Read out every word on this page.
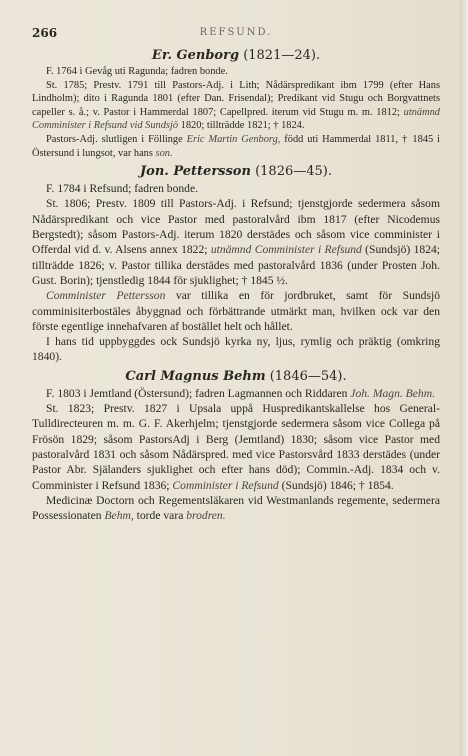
266	REFSUND.
Er. Genborg (1821—24).

F. 1764 i Gevåg uti Ragunda; fadren bonde.

St. 1785; Prestv. 1791 till Pastors-Adj. i Lith; Nådärspredikant ibm 1799 (efter Hans Lindholm); dito i Ragunda 1801 (efter Dan. Frisendal); Predikant vid Stugu och Borgvattnets capeller s. å.; v. Pastor i Hammerdal 1807; Capellpred. iterum vid Stugu m. m. 1812; utnämnd Comminister i Refsund vid Sundsjö 1820; tillträdde 1821; † 1824.

Pastors-Adj. slutligen i Föllinge Eric Martin Genborg, född uti Hammerdal 1811, † 1845 i Östersund i lungsot, var hans son.

Jon. Pettersson (1826—45).

F. 1784 i Refsund; fadren bonde.

St. 1806; Prestv. 1809 till Pastors-Adj. i Refsund; tjenstgjorde sedermera såsom Nådärspredikant och vice Pastor med pastoralvård ibm 1817 (efter Nicodemus Bergstedt); såsom Pastors-Adj. iterum 1820 derstädes och såsom vice comminister i Offerdal vid d. v. Alsens annex 1822; utnämnd Comminister i Refsund (Sundsjö) 1824; tillträdde 1826; v. Pastor tillika derstädes med pastoralvård 1836 (under Prosten Joh. Gust. Borin); tjenstledig 1844 för sjuklighet; † 1845 ½.

Comminister Pettersson var tillika en för jordbruket, samt för Sundsjö comminisiterbostäles åbyggnad och förbättrande utmärkt man, hvilken ock var den förste egentlige innehafvaren af bostället helt och hållet.

I hans tid uppbyggdes ock Sundsjö kyrka ny, ljus, rymlig och präktig (omkring 1840).

Carl Magnus Behm (1846—54).

F. 1803 i Jemtland (Östersund); fadren Lagmannen och Riddaren Joh. Magn. Behm.

St. 1823; Prestv. 1827 i Upsala uppå Huspredikantskallelse hos General-Tulldirecteuren m. m. G. F. Akerhjelm; tjenstgjorde sedermera såsom vice Collega på Frösön 1829; såsom PastorsAdj i Berg (Jemtland) 1830; såsom vice Pastor med pastoralvård 1831 och såsom Nådärspred. med vice Pastorsvård 1833 derstädes (under Pastor Abr. Själanders sjuklighet och efter hans död); Commin.-Adj. 1834 och v. Comminister i Refsund 1836; Comminister i Refsund (Sundsjö) 1846; † 1854.

Medicinæ Doctorn och Regementsläkaren vid Westmanlands regemente, sedermera Possessionaten Behm, torde vara brodren.
